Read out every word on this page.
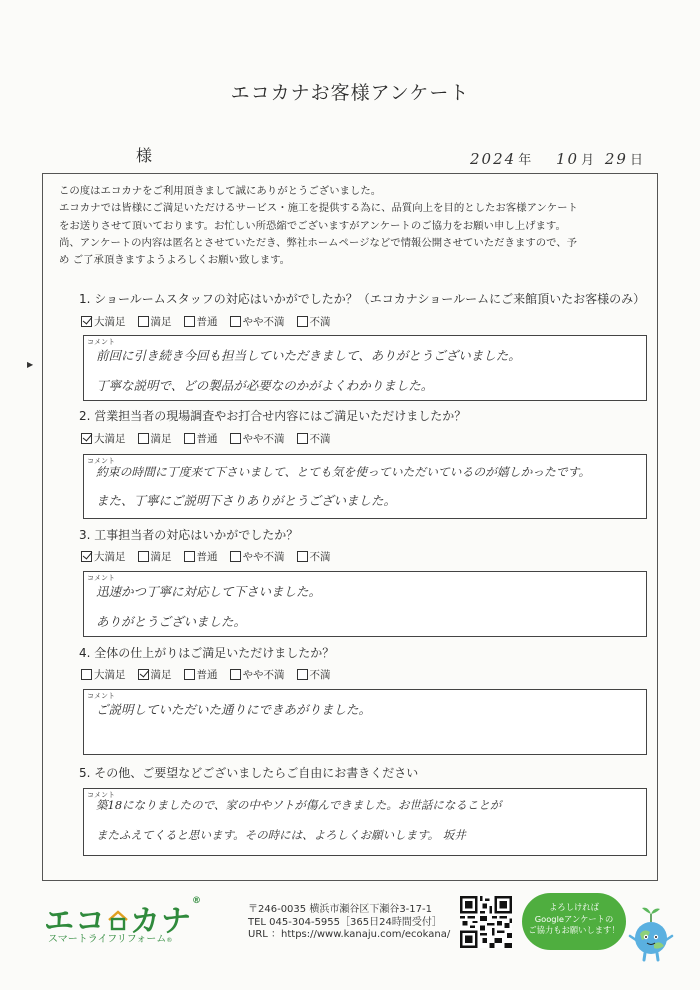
エコカナお客様アンケート
様	2024 年 10 月 29 日
▶
この度はエコカナをご利用頂きまして誠にありがとうございました。
エコカナでは皆様にご満足いただけるサービス・施工を提供する為に、品質向上を目的としたお客様アンケート
をお送りさせて頂いております。お忙しい所恐縮でございますがアンケートのご協力をお願い申し上げます。
尚、アンケートの内容は匿名とさせていただき、弊社ホームページなどで情報公開させていただきますので、予
め ご了承頂きますようよろしくお願い致します。
1. ショールームスタッフの対応はいかがでしたか？（エコカナショールームにご来館頂いたお客様のみ）
大満足 満足 普通 やや不満 不満
コメント
前回に引き続き今回も担当していただきまして、ありがとうございました。
丁寧な説明で、どの製品が必要なのかがよくわかりました。
2. 営業担当者の現場調査やお打合せ内容にはご満足いただけましたか？
大満足 満足 普通 やや不満 不満
コメント
約束の時間に丁度来て下さいまして、とても気を使っていただいているのが嬉しかったです。
また、丁寧にご説明下さりありがとうございました。
3. 工事担当者の対応はいかがでしたか？
大満足 満足 普通 やや不満 不満
コメント
迅速かつ丁寧に対応して下さいました。
ありがとうございました。
4. 全体の仕上がりはご満足いただけましたか？
大満足 満足 普通 やや不満 不満
コメント
ご説明していただいた通りにできあがりました。
5. その他、ご要望などございましたらご自由にお書きください
コメント
築18になりましたので、家の中やソトが傷んできました。お世話になることが
またふえてくると思います。その時には、よろしくお願いします。 坂井
エコ カナ®
スマートライフリフォーム®
〒246-0035 横浜市瀬谷区下瀬谷3-17-1
TEL 045-304-5955［365日24時間受付］
URL ：https://www.kanaju.com/ecokana/
よろしければ
Googleアンケートの
ご協力もお願いします！
